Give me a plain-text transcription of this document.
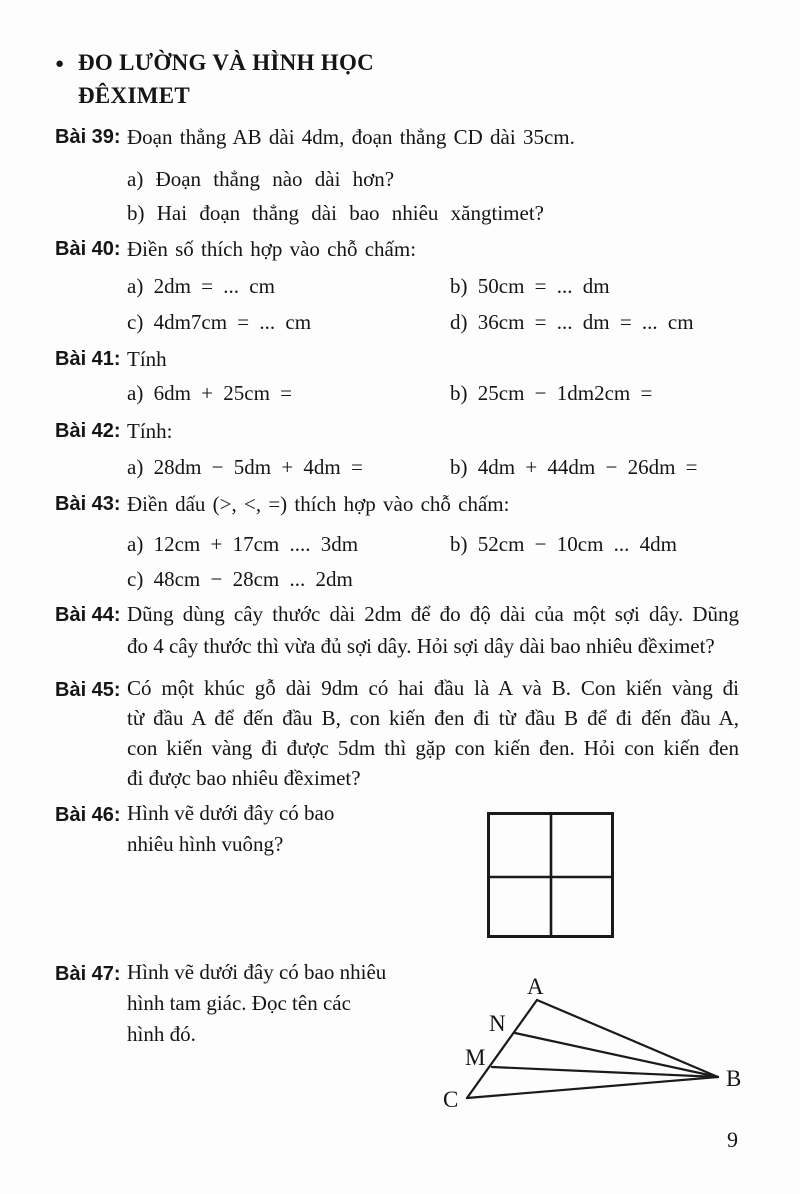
● ĐO LƯỜNG VÀ HÌNH HỌC
ĐÊXIMET
Bài 39: Đoạn thẳng AB dài 4dm, đoạn thẳng CD dài 35cm.
a) Đoạn thẳng nào dài hơn?
b) Hai đoạn thẳng dài bao nhiêu xăngtimet?
Bài 40: Điền số thích hợp vào chỗ chấm:
a) 2dm = ... cm	b) 50cm = ... dm
c) 4dm7cm = ... cm	d) 36cm = ... dm = ... cm
Bài 41: Tính
a) 6dm + 25cm =	b) 25cm − 1dm2cm =
Bài 42: Tính:
a) 28dm − 5dm + 4dm =	b) 4dm + 44dm − 26dm =
Bài 43: Điền dấu (>, <, =) thích hợp vào chỗ chấm:
a) 12cm + 17cm .... 3dm	b) 52cm − 10cm ... 4dm
c) 48cm − 28cm ... 2dm
Bài 44: Dũng dùng cây thước dài 2dm để đo độ dài của một sợi dây. Dũng
đo 4 cây thước thì vừa đủ sợi dây. Hỏi sợi dây dài bao nhiêu đềximet?
Bài 45: Có một khúc gỗ dài 9dm có hai đầu là A và B. Con kiến vàng đi
từ đầu A để đến đầu B, con kiến đen đi từ đầu B để đi đến đầu A,
con kiến vàng đi được 5dm thì gặp con kiến đen. Hỏi con kiến đen
đi được bao nhiêu đềximet?
Bài 46: Hình vẽ dưới đây có bao
nhiêu hình vuông?
Bài 47: Hình vẽ dưới đây có bao nhiêu
hình tam giác. Đọc tên các
hình đó.
A
N
M
C
B
9
